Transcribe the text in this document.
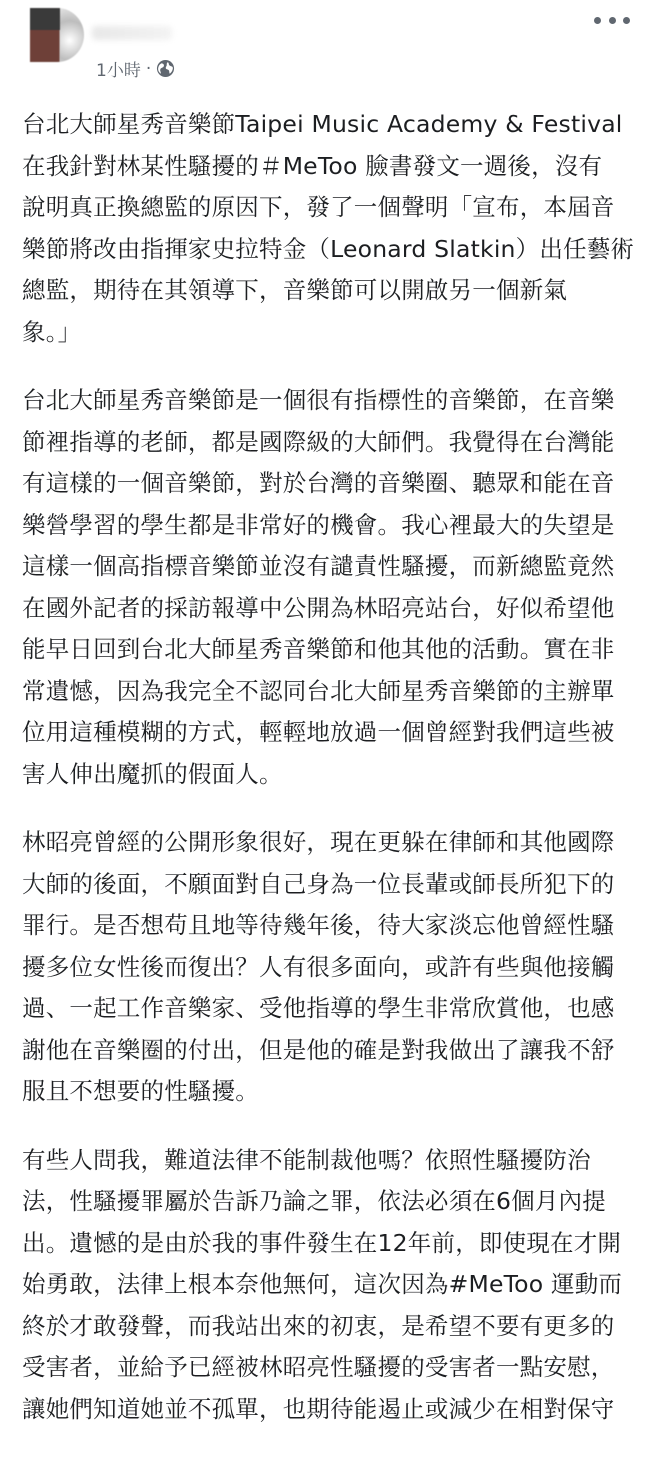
1小時 ·

台北大師星秀音樂節Taipei Music Academy & Festival
在我針對林某性騷擾的＃MeToo 臉書發文一週後，沒有
說明真正換總監的原因下，發了一個聲明「宣布，本屆音
樂節將改由指揮家史拉特金（Leonard Slatkin）出任藝術
總監，期待在其領導下，音樂節可以開啟另一個新氣
象。」

台北大師星秀音樂節是一個很有指標性的音樂節，在音樂
節裡指導的老師，都是國際級的大師們。我覺得在台灣能
有這樣的一個音樂節，對於台灣的音樂圈、聽眾和能在音
樂營學習的學生都是非常好的機會。我心裡最大的失望是
這樣一個高指標音樂節並沒有譴責性騷擾，而新總監竟然
在國外記者的採訪報導中公開為林昭亮站台，好似希望他
能早日回到台北大師星秀音樂節和他其他的活動。實在非
常遺憾，因為我完全不認同台北大師星秀音樂節的主辦單
位用這種模糊的方式，輕輕地放過一個曾經對我們這些被
害人伸出魔抓的假面人。

林昭亮曾經的公開形象很好，現在更躲在律師和其他國際
大師的後面，不願面對自己身為一位長輩或師長所犯下的
罪行。是否想苟且地等待幾年後，待大家淡忘他曾經性騷
擾多位女性後而復出？人有很多面向，或許有些與他接觸
過、一起工作音樂家、受他指導的學生非常欣賞他，也感
謝他在音樂圈的付出，但是他的確是對我做出了讓我不舒
服且不想要的性騷擾。

有些人問我，難道法律不能制裁他嗎？依照性騷擾防治
法，性騷擾罪屬於告訴乃論之罪，依法必須在6個月內提
出。遺憾的是由於我的事件發生在12年前，即使現在才開
始勇敢，法律上根本奈他無何，這次因為#MeToo 運動而
終於才敢發聲，而我站出來的初衷，是希望不要有更多的
受害者，並給予已經被林昭亮性騷擾的受害者一點安慰，
讓她們知道她並不孤單，也期待能遏止或減少在相對保守
